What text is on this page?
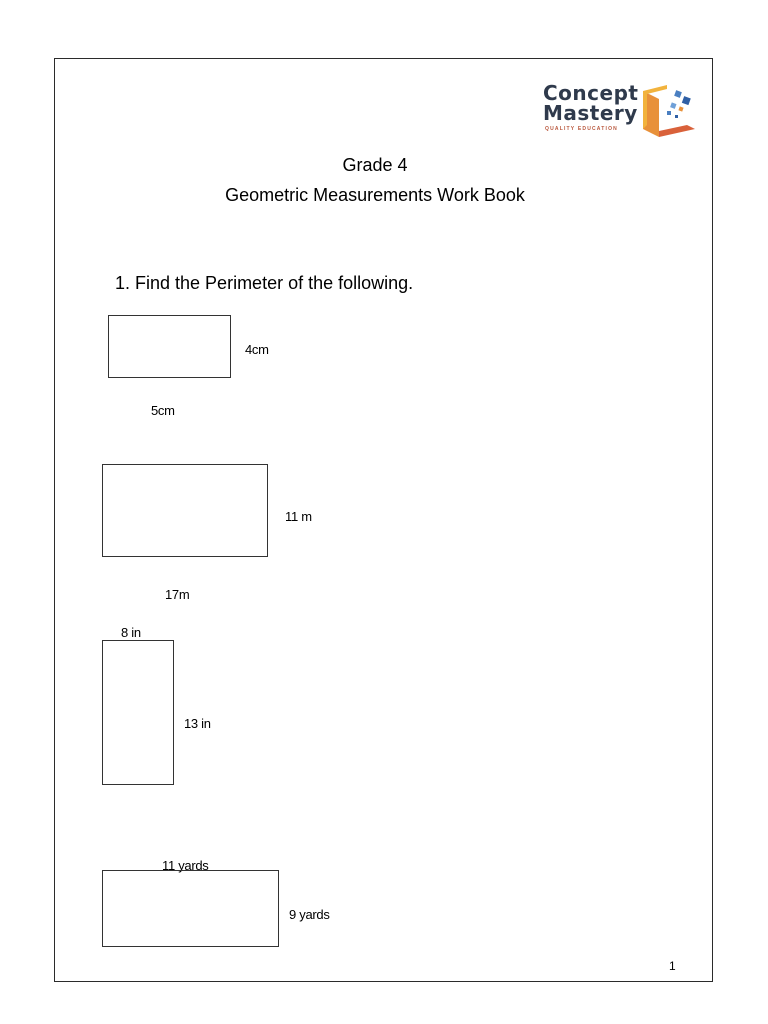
Concept
Mastery
QUALITY EDUCATION
Grade 4
Geometric Measurements Work Book
1. Find the Perimeter of the following.
4cm
5cm
11 m
17m
8 in
13 in
11 yards
9 yards
1
